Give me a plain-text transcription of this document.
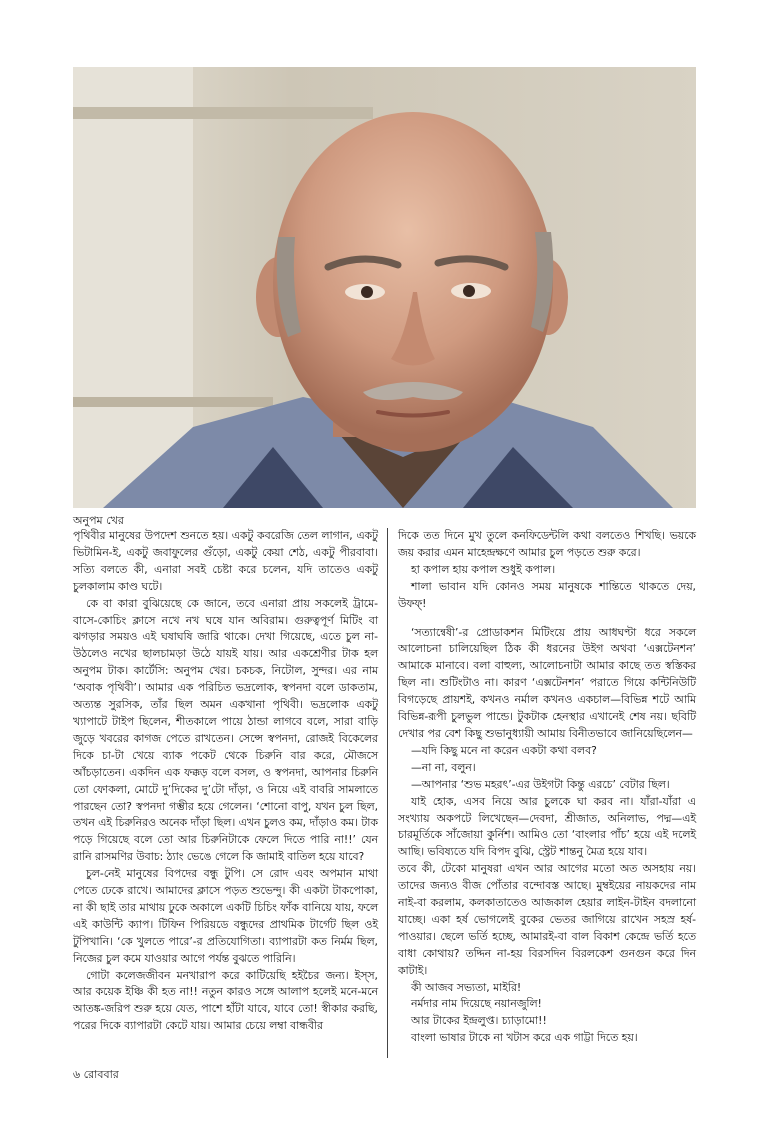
অনুপম খের

পৃথিবীর মানুষের উপদেশ শুনতে হয়। একটু কবরেজি তেল লাগান, একটু ভিটামিন-ই, একটু জবাফুলের গুঁড়ো, একটু কেয়া শেঠ, একটু পীরবাবা। সত্যি বলতে কী, এনারা সবই চেষ্টা করে চলেন, যদি তাতেও একটু চুলকালাম কাণ্ড ঘটে।

কে বা কারা বুঝিয়েছে কে জানে, তবে এনারা প্রায় সকলেই ট্রামে-বাসে-কোচিং ক্লাসে নখে নখ ঘষে যান অবিরাম। গুরুত্বপূর্ণ মিটিং বা ঝগড়ার সময়ও এই ঘষাঘষি জারি থাকে। দেখা গিয়েছে, এতে চুল না-উঠলেও নখের ছালচামড়া উঠে যায়ই যায়। আর একশ্রেণীর টাক হল অনুপম টাক। কার্টেসি: অনুপম খের। চকচক, নিটোল, সুন্দর। এর নাম ‘অবাক পৃথিবী’। আমার এক পরিচিত ভদ্রলোক, স্বপনদা বলে ডাকতাম, অত্যন্ত সুরসিক, তাঁর ছিল অমন একখানা পৃথিবী। ভদ্রলোক একটু খ্যাপাটে টাইপ ছিলেন, শীতকালে পায়ে ঠান্ডা লাগবে বলে, সারা বাড়ি জুড়ে খবরের কাগজ পেতে রাখতেন। সেন্সে স্বপনদা, রোজই বিকেলের দিকে চা-টা খেয়ে ব্যাক পকেট থেকে চিরুনি বার করে, মৌজসে আঁচড়াতেন। একদিন এক ফক্কড় বলে বসল, ও স্বপনদা, আপনার চিরুনি তো ফোকলা, মোটে দু’দিকের দু’টো দাঁড়া, ও নিয়ে এই বাবরি সামলাতে পারছেন তো? স্বপনদা গম্ভীর হয়ে গেলেন। ‘শোনো বাপু, যখন চুল ছিল, তখন এই চিরুনিরও অনেক দাঁড়া ছিল। এখন চুলও কম, দাঁড়াও কম। টাক পড়ে গিয়েছে বলে তো আর চিরুনিটাকে ফেলে দিতে পারি না!!’ যেন রানি রাসমণির উবাচ: ঠ্যাং ভেঙে গেলে কি জামাই বাতিল হয়ে যাবে?

চুল-নেই মানুষের বিপদের বন্ধু টুপি। সে রোদ এবং অপমান মাথা পেতে ঢেকে রাখে। আমাদের ক্লাসে পড়ত শুভেন্দু। কী একটা টাকপোকা, না কী ছাই তার মাথায় ঢুকে অকালে একটি চিচিং ফাঁক বানিয়ে যায়, ফলে এই কাউন্টি ক্যাপ। টিফিন পিরিয়ডে বন্ধুদের প্রাথমিক টার্গেট ছিল ওই টুপিখানি। ‘কে খুলতে পারে’-র প্রতিযোগিতা। ব্যাপারটা কত নির্মম ছিল, নিজের চুল কমে যাওয়ার আগে পর্যন্ত বুঝতে পারিনি।

গোটা কলেজজীবন মনখারাপ করে কাটিয়েছি হইচৈর জন্য। ইস্স, আর কয়েক ইঞ্চি কী হত না!! নতুন কারও সঙ্গে আলাপ হলেই মনে-মনে আতঙ্ক-জরিপ শুরু হয়ে যেত, পাশে হাঁটা যাবে, যাবে তো! স্বীকার করছি, পরের দিকে ব্যাপারটা কেটে যায়। আমার চেয়ে লম্বা বান্ধবীর

দিকে তত দিনে মুখ তুলে কনফিডেন্টলি কথা বলতেও শিখছি। ভয়কে জয় করার এমন মাহেন্দ্রক্ষণে আমার চুল পড়তে শুরু করে।

হা কপাল হায় কপাল শুধুই কপাল।

শালা ভাবান যদি কোনও সময় মানুষকে শান্তিতে থাকতে দেয়, উফফ্!

‘সত্যান্বেষী’-র প্রোডাকশন মিটিংয়ে প্রায় আধঘণ্টা ধরে সকলে আলোচনা চালিয়েছিল ঠিক কী ধরনের উইগ অথবা ‘এক্সটেনশন’ আমাকে মানাবে। বলা বাহুল্য, আলোচনাটা আমার কাছে তত স্বস্তিকর ছিল না। শুটিংটাও না। কারণ ‘এক্সটেনশন’ পরাতে গিয়ে কন্টিনিউটি বিগড়েছে প্রায়শই, কখনও নর্মাল কখনও একচাল—বিভিন্ন শটে আমি বিভিন্ন-রূপী চুলভুল পান্ডে। টুকটাক হেনস্থার এখানেই শেষ নয়। ছবিটি দেখার পর বেশ কিছু শুভানুধ্যায়ী আমায় বিনীতভাবে জানিয়েছিলেন—

—যদি কিছু মনে না করেন একটা কথা বলব?

—না না, বলুন।

—আপনার ‘শুভ মহরৎ’-এর উইগটা কিন্তু এরচে’ বেটার ছিল।

যাই হোক, এসব নিয়ে আর চুলকে ঘা করব না। যাঁরা-যাঁরা এ সংখ্যায় অকপটে লিখেছেন—দেবদা, শ্রীজাত, অনিলাভ, পদ্ম—এই চারমূর্তিকে সাঁজোয়া কুর্নিশ। আমিও তো ‘বাংলার পাঁচ’ হয়ে এই দলেই আছি। ভবিষ্যতে যদি বিপদ বুঝি, স্ট্রেট শান্তনু মৈত্র হয়ে যাব।

তবে কী, টেকো মানুষরা এখন আর আগের মতো অত অসহায় নয়। তাদের জন্যও বীজ পোঁতার বন্দোবস্ত আছে। মুম্বইয়ের নায়কদের নাম নাই-বা করলাম, কলকাতাতেও আজকাল হেয়ার লাইন-টাইন বদলানো যাচ্ছে। একা হর্ষ ভোগলেই বুকের ভেতর জাগিয়ে রাখেন সহস্র হর্ষ-পাওয়ার। ছেলে ভর্তি হচ্ছে, আমারই-বা বাল বিকাশ কেন্দ্রে ভর্তি হতে বাধা কোথায়? তদ্দিন না-হয় বিরসদিন বিরলকেশ গুনগুন করে দিন কাটাই।

কী আজব সভ্যতা, মাইরি!

নর্মদার নাম দিয়েছে নয়ানজুলি!

আর টাকের ইন্দ্রলুপ্ত। চ্যাড়ামো!!

বাংলা ভাষার টাকে না খটাস করে এক গাট্টা দিতে হয়।

৬ রোববার
